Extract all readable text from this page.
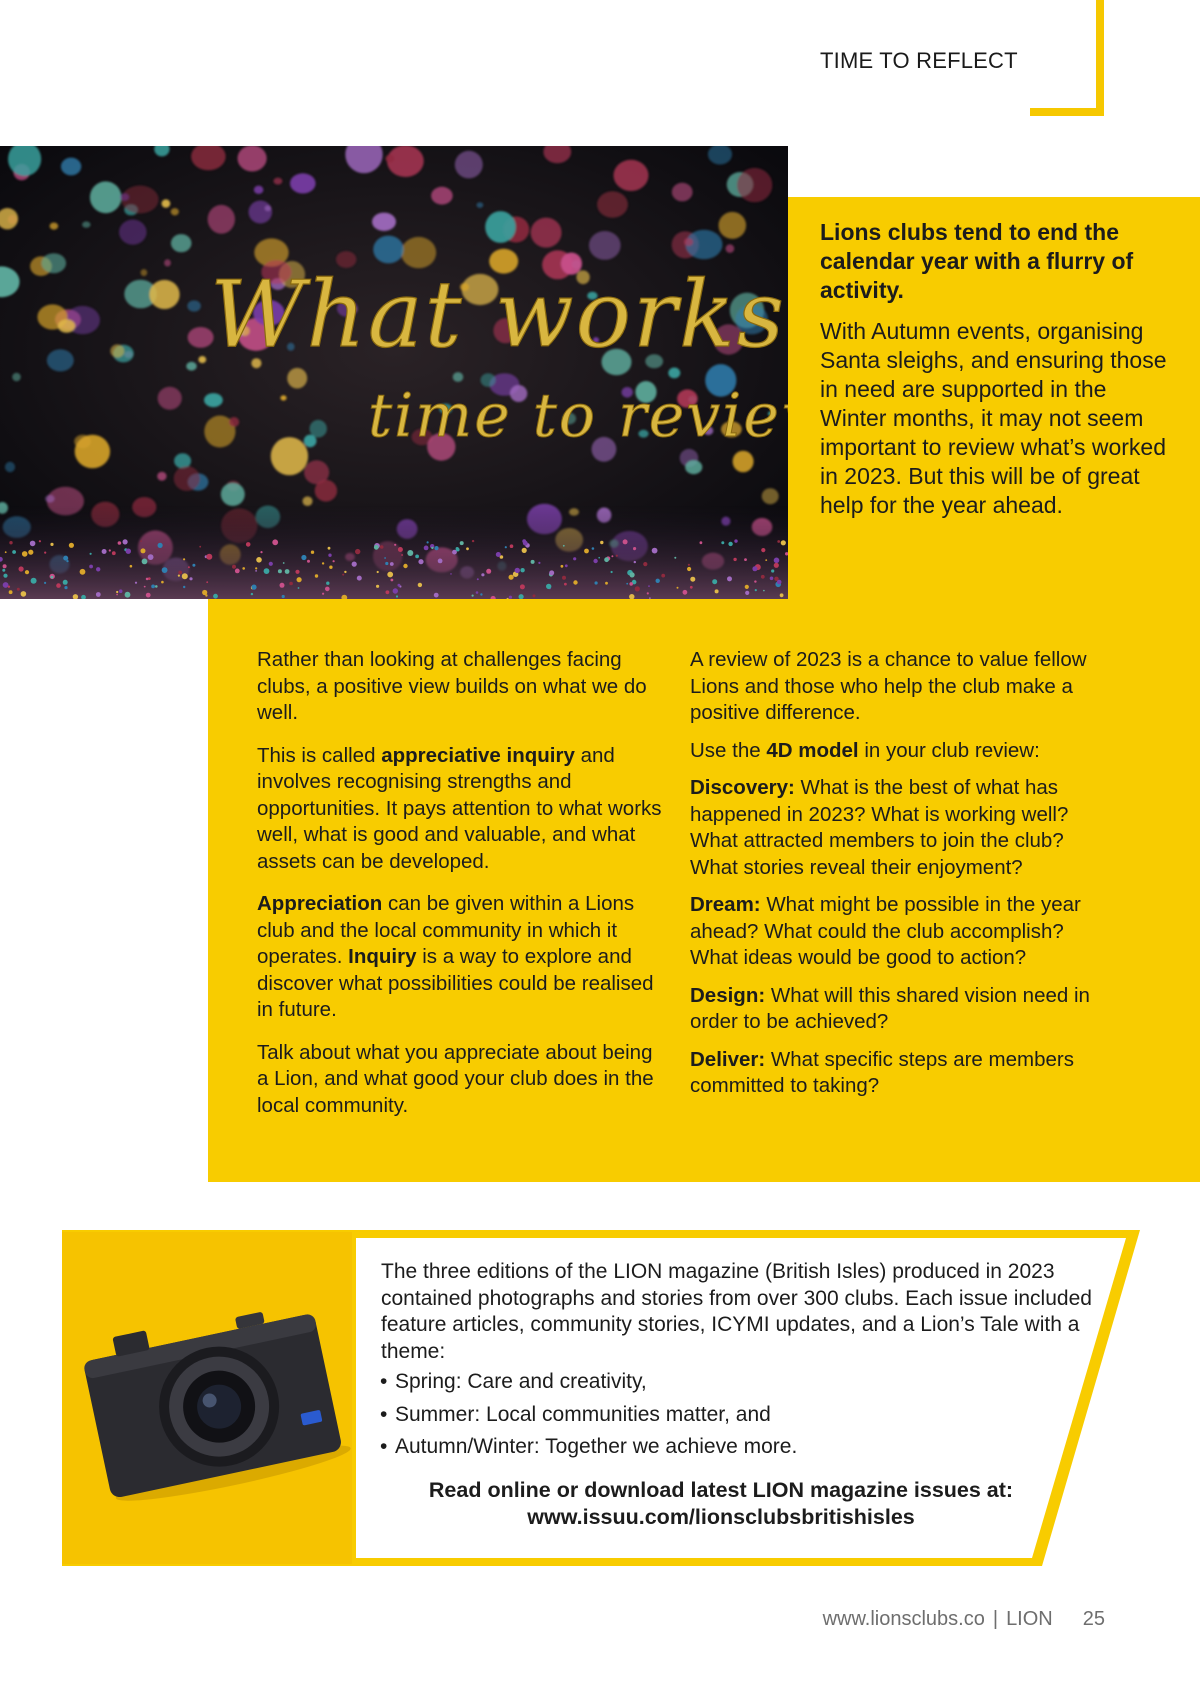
TIME TO REFLECT
What works
time to review

Lions clubs tend to end the calendar year with a flurry of activity.

With Autumn events, organising Santa sleighs, and ensuring those in need are supported in the Winter months, it may not seem important to review what’s worked in 2023. But this will be of great help for the year ahead.

Rather than looking at challenges facing clubs, a positive view builds on what we do well.

This is called appreciative inquiry and involves recognising strengths and opportunities. It pays attention to what works well, what is good and valuable, and what assets can be developed.

Appreciation can be given within a Lions club and the local community in which it operates. Inquiry is a way to explore and discover what possibilities could be realised in future.

Talk about what you appreciate about being a Lion, and what good your club does in the local community.

A review of 2023 is a chance to value fellow Lions and those who help the club make a positive difference.

Use the 4D model in your club review:

Discovery: What is the best of what has happened in 2023? What is working well? What attracted members to join the club? What stories reveal their enjoyment?

Dream: What might be possible in the year ahead? What could the club accomplish? What ideas would be good to action?

Design: What will this shared vision need in order to be achieved?

Deliver: What specific steps are members committed to taking?

The three editions of the LION magazine (British Isles) produced in 2023 contained photographs and stories from over 300 clubs. Each issue included feature articles, community stories, ICYMI updates, and a Lion’s Tale with a theme:

• Spring: Care and creativity,
• Summer: Local communities matter, and
• Autumn/Winter: Together we achieve more.
Read online or download latest LION magazine issues at:
www.issuu.com/lionsclubsbritishisles
www.lionsclubs.co | LION 25
